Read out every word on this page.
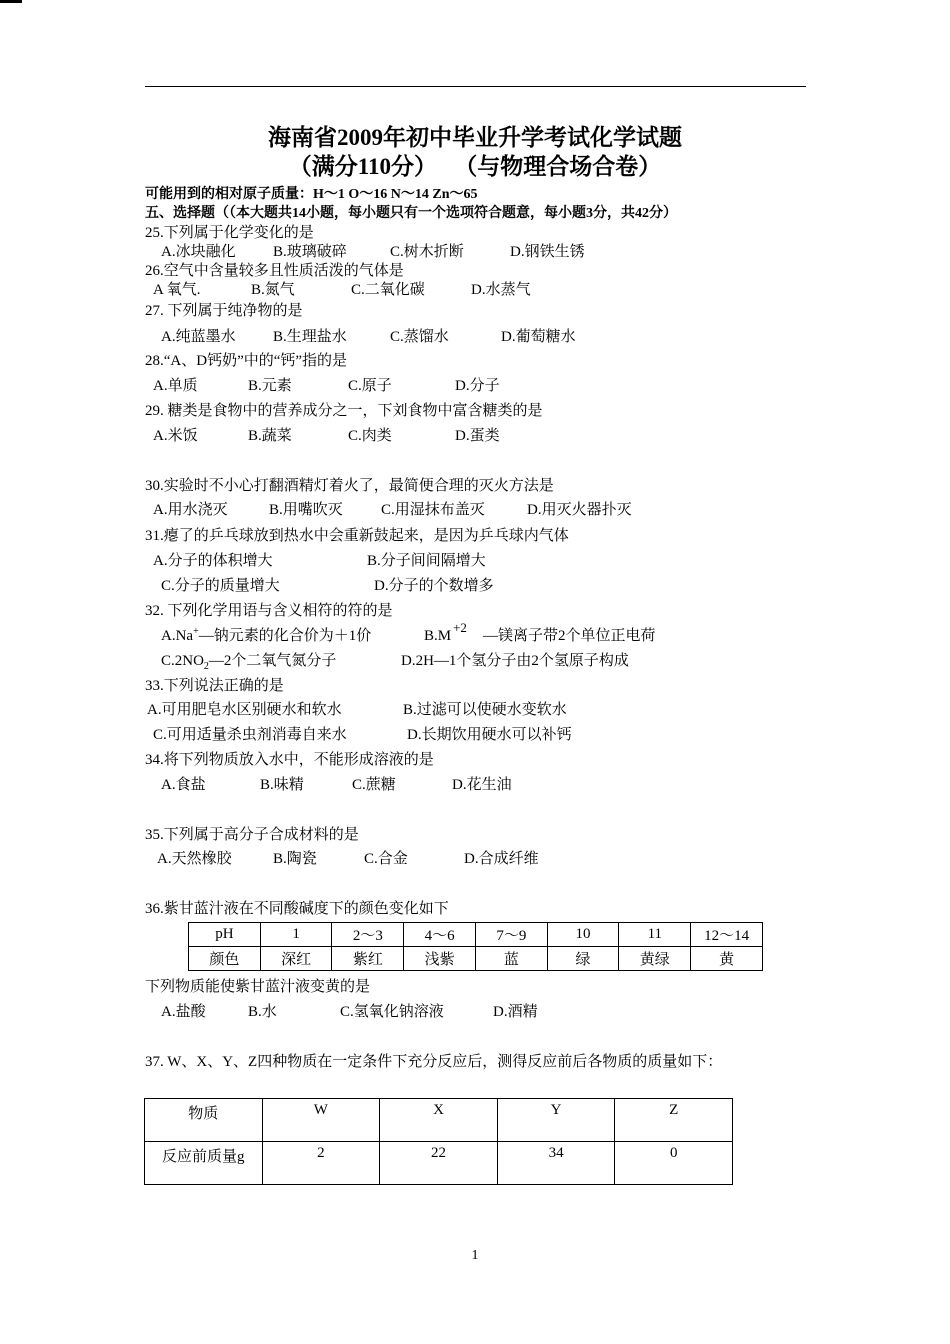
海南省2009年初中毕业升学考试化学试题
（满分110分） （与物理合场合卷）
可能用到的相对原子质量：H～1 O～16 N～14 Zn～65
五、选择题（（本大题共14小题，每小题只有一个选项符合题意，每小题3分，共42分）
25.下列属于化学变化的是
A.冰块融化 B.玻璃破碎	C.树木折断	D.钢铁生锈
26.空气中含量较多且性质活泼的气体是
A 氧气.	B.氮气	C.二氧化碳	D.水蒸气
27. 下列属于纯净物的是
A.纯蓝墨水 B.生理盐水	C.蒸馏水	D.葡萄糖水
28.“A、D钙奶”中的“钙”指的是
A.单质	B.元素	C.原子	D.分子
29. 糖类是食物中的营养成分之一，下刘食物中富含糖类的是
A.米饭	B.蔬菜	C.肉类	D.蛋类
30.实验时不小心打翻酒精灯着火了，最简便合理的灭火方法是
A.用水浇灭	B.用嘴吹灭	C.用湿抹布盖灭	D.用灭火器扑灭
31.瘪了的乒乓球放到热水中会重新鼓起来，是因为乒乓球内气体
A.分子的体积增大	B.分子间间隔增大
C.分子的质量增大	D.分子的个数增多
32. 下列化学用语与含义相符的符的是
A.Na+—钠元素的化合价为＋1价	B.M+2—镁离子带2个单位正电荷
$C.2NO_2—2$个二氧气氮分子	D.2H—1个氢分子由2个氢原子构成
33.下列说法正确的是
A.可用肥皂水区别硬水和软水	B.过滤可以使硬水变软水
C.可用适量杀虫剂消毒自来水	D.长期饮用硬水可以补钙
34.将下列物质放入水中，不能形成溶液的是
A.食盐	B.味精	C.蔗糖	D.花生油
35.下列属于高分子合成材料的是
A.天然橡胶	B.陶瓷	C.合金	D.合成纤维
36.紫甘蓝汁液在不同酸碱度下的颜色变化如下
pH	1	2～3	4～6	7～9	10	11	12～14
颜色	深红	紫红	浅紫	蓝	绿	黄绿	黄
下列物质能使紫甘蓝汁液变黄的是
A.盐酸	B.水	C.氢氧化钠溶液	D.酒精
37. W、X、Y、Z四种物质在一定条件下充分反应后，测得反应前后各物质的质量如下：
物质	W	X	Y	Z
反应前质量g	2	22	34	0
1
